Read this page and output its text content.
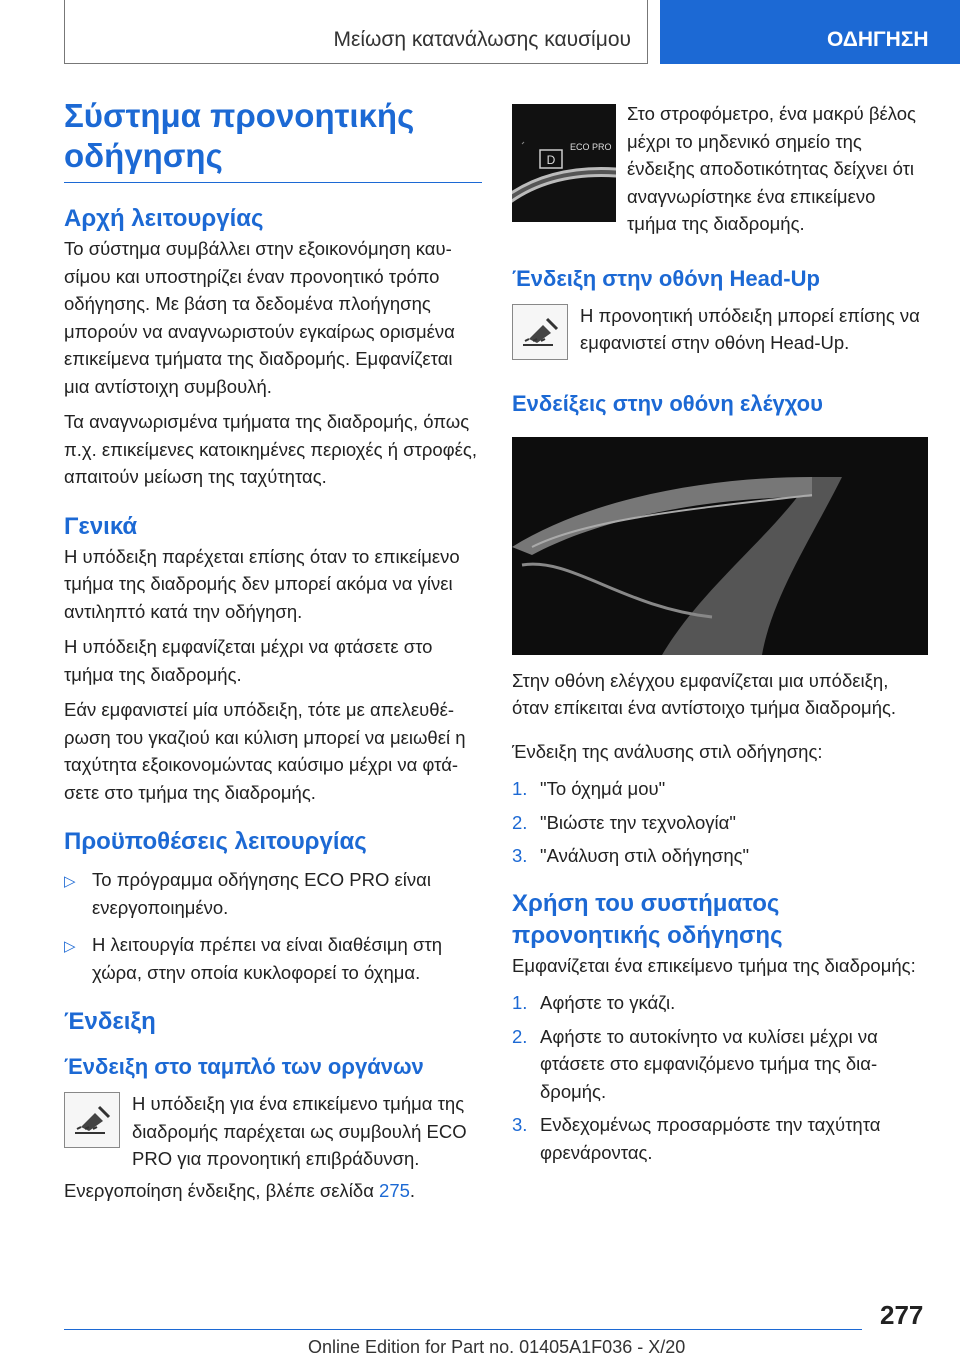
Μείωση κατανάλωσης καυσίμου	ΟΔΗΓΗΣΗ
Σύστημα προνοητικής οδήγησης
Αρχή λειτουργίας

Το σύστημα συμβάλλει στην εξοικονόμηση καυσίμου και υποστηρίζει έναν προνοητικό τρόπο οδήγησης. Με βάση τα δεδομένα πλοήγησης μπορούν να αναγνωριστούν εγκαίρως ορισμένα επικείμενα τμήματα της διαδρομής. Εμφανίζεται μια αντίστοιχη συμβουλή.

Τα αναγνωρισμένα τμήματα της διαδρομής, όπως π.χ. επικείμενες κατοικημένες περιοχές ή στροφές, απαιτούν μείωση της ταχύτητας.

Γενικά

Η υπόδειξη παρέχεται επίσης όταν το επικείμενο τμήμα της διαδρομής δεν μπορεί ακόμα να γίνει αντιληπτό κατά την οδήγηση.

Η υπόδειξη εμφανίζεται μέχρι να φτάσετε στο τμήμα της διαδρομής.

Εάν εμφανιστεί μία υπόδειξη, τότε με απελευθέρωση του γκαζιού και κύλιση μπορεί να μειωθεί η ταχύτητα εξοικονομώντας καύσιμο μέχρι να φτάσετε στο τμήμα της διαδρομής.

Προϋποθέσεις λειτουργίας
▷ Το πρόγραμμα οδήγησης ECO PRO είναι ενεργοποιημένο.
▷ Η λειτουργία πρέπει να είναι διαθέσιμη στη χώρα, στην οποία κυκλοφορεί το όχημα.
Ένδειξη
Ένδειξη στο ταμπλό των οργάνων

Η υπόδειξη για ένα επικείμενο τμήμα της διαδρομής παρέχεται ως συμβουλή ECO PRO για προνοητική επιβράδυνση.

Ενεργοποίηση ένδειξης, βλέπε σελίδα 275.

D
ECO PRO

Στο στροφόμετρο, ένα μακρύ βέλος μέχρι το μηδενικό σημείο της ένδειξης αποδοτικότητας δείχνει ότι αναγνωρίστηκε ένα επικείμενο τμήμα της διαδρομής.

Ένδειξη στην οθόνη Head-Up

Η προνοητική υπόδειξη μπορεί επίσης να εμφανιστεί στην οθόνη Head-Up.

Ενδείξεις στην οθόνη ελέγχου

Στην οθόνη ελέγχου εμφανίζεται μια υπόδειξη, όταν επίκειται ένα αντίστοιχο τμήμα διαδρομής.

Ένδειξη της ανάλυσης στιλ οδήγησης:

1. "Το όχημά μου"
2. "Βιώστε την τεχνολογία"
3. "Ανάλυση στιλ οδήγησης"
Χρήση του συστήματος προνοητικής οδήγησης

Εμφανίζεται ένα επικείμενο τμήμα της διαδρομής:

1. Αφήστε το γκάζι.
2. Αφήστε το αυτοκίνητο να κυλίσει μέχρι να φτάσετε στο εμφανιζόμενο τμήμα της διαδρομής.
3. Ενδεχομένως προσαρμόστε την ταχύτητα φρενάροντας.
277
Online Edition for Part no. 01405A1F036 - X/20
